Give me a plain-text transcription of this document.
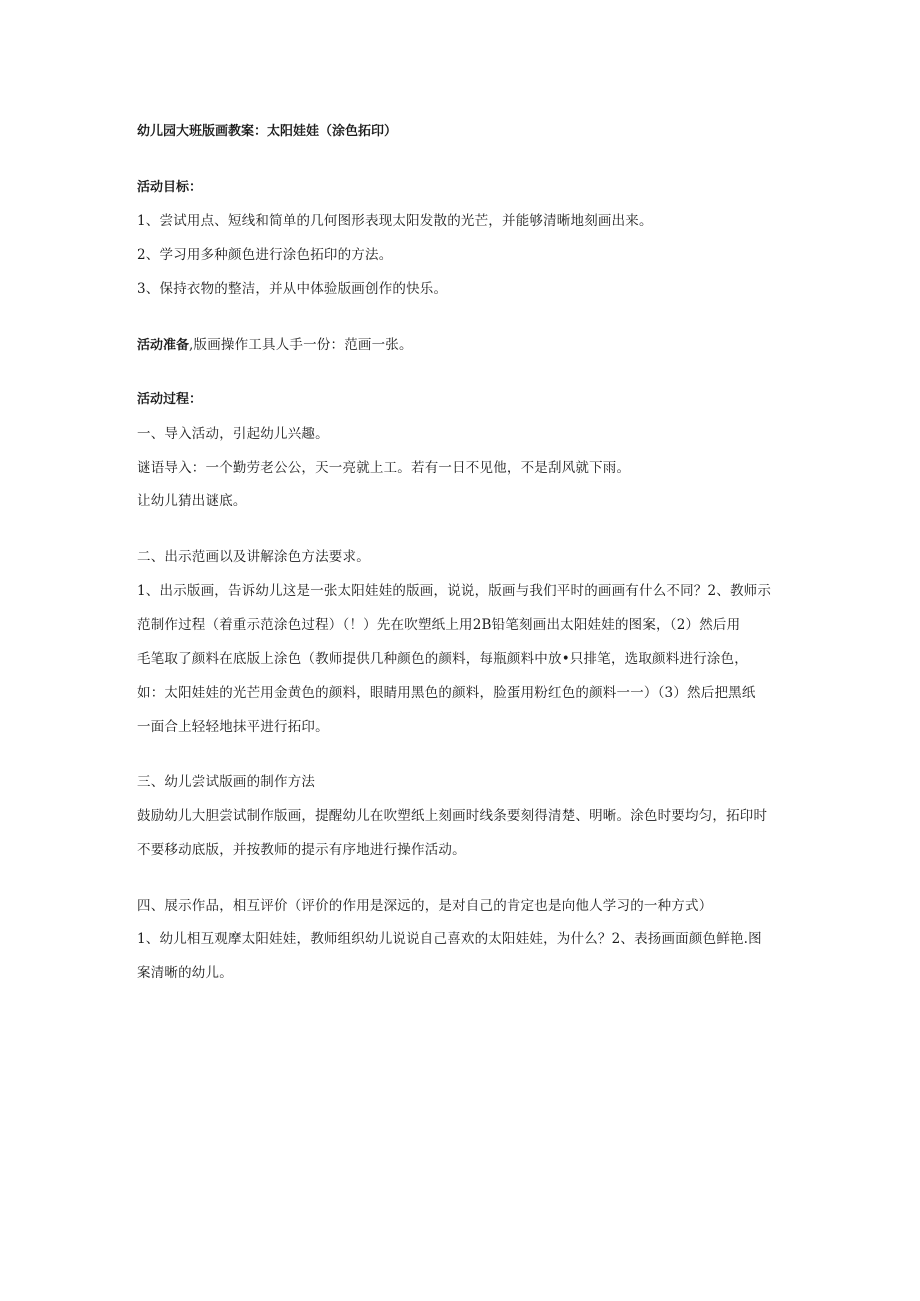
幼儿园大班版画教案：太阳娃娃（涂色拓印）
活动目标：
1、尝试用点、短线和简单的几何图形表现太阳发散的光芒，并能够清晰地刻画出来。
2、学习用多种颜色进行涂色拓印的方法。
3、保持衣物的整洁，并从中体验版画创作的快乐。
活动准备,版画操作工具人手一份：范画一张。
活动过程：
一、导入活动，引起幼儿兴趣。
谜语导入：一个勤劳老公公，天一亮就上工。若有一日不见他，不是刮风就下雨。
让幼儿猜出谜底。
二、出示范画以及讲解涂色方法要求。
1、出示版画，告诉幼儿这是一张太阳娃娃的版画，说说，版画与我们平时的画画有什么不同？2、教师示
范制作过程（着重示范涂色过程）（！）先在吹塑纸上用2B铅笔刻画出太阳娃娃的图案，（2）然后用
毛笔取了颜料在底版上涂色（教师提供几种颜色的颜料，每瓶颜料中放•只排笔，选取颜料进行涂色，
如：太阳娃娃的光芒用金黄色的颜料，眼睛用黑色的颜料，脸蛋用粉红色的颜料一一）（3）然后把黑纸
一面合上轻轻地抹平进行拓印。
三、幼儿尝试版画的制作方法
鼓励幼儿大胆尝试制作版画，提醒幼儿在吹塑纸上刻画时线条要刻得清楚、明晰。涂色时要均匀，拓印时
不要移动底版，并按教师的提示有序地进行操作活动。
四、展示作品，相互评价（评价的作用是深远的，是对自己的肯定也是向他人学习的一种方式）
1、幼儿相互观摩太阳娃娃，教师组织幼儿说说自己喜欢的太阳娃娃，为什么？2、表扬画面颜色鲜艳.图
案清晰的幼儿。
